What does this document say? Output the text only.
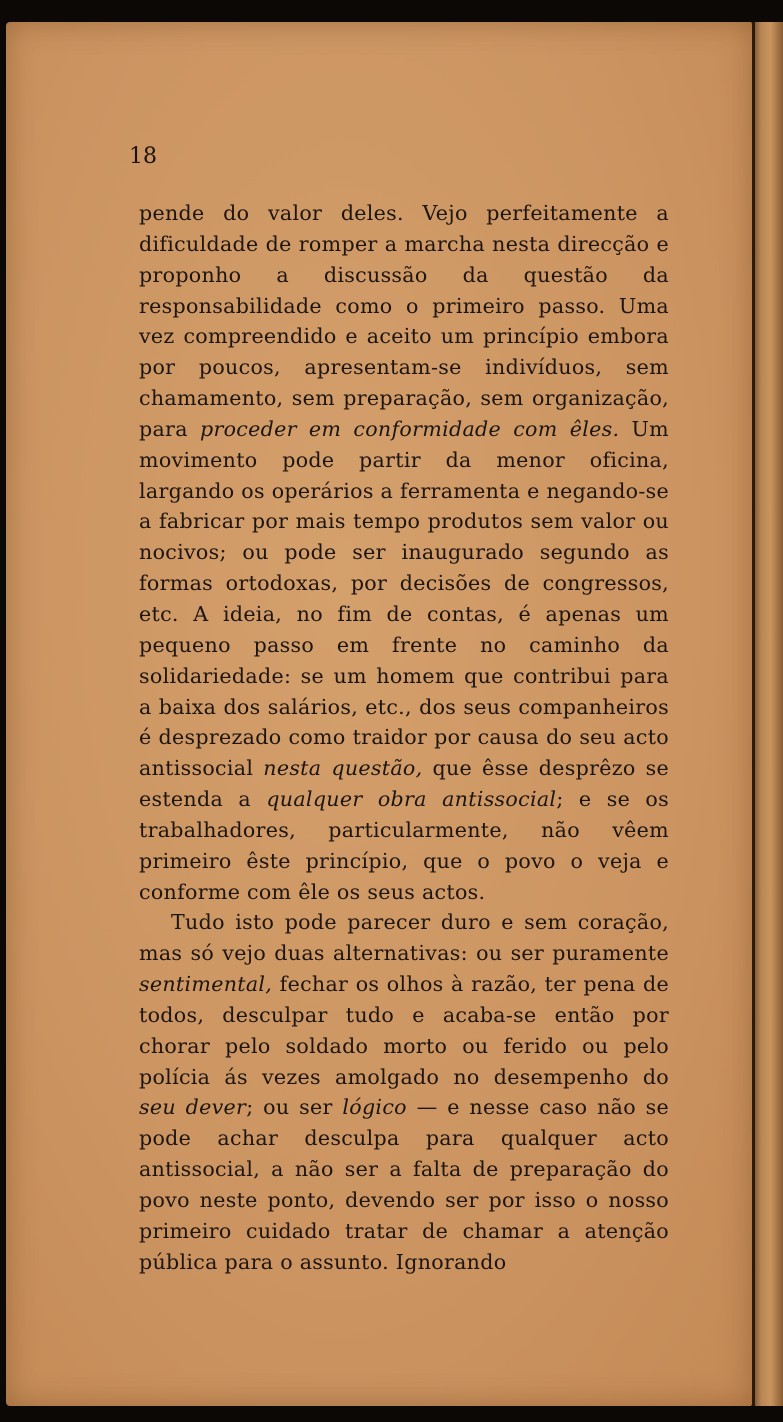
18

pende do valor deles. Vejo perfeitamente a dificuldade de romper a marcha nesta direcção e proponho a discussão da questão da responsabilidade como o primeiro passo. Uma vez compreendido e aceito um princípio embora por poucos, apresentam-se indivíduos, sem chamamento, sem preparação, sem organização, para proceder em conformidade com êles. Um movimento pode partir da menor oficina, largando os operários a ferramenta e negando-se a fabricar por mais tempo produtos sem valor ou nocivos; ou pode ser inaugurado segundo as formas ortodoxas, por decisões de congressos, etc. A ideia, no fim de contas, é apenas um pequeno passo em frente no caminho da solidariedade: se um homem que contribui para a baixa dos salários, etc., dos seus companheiros é desprezado como traidor por causa do seu acto antissocial nesta questão, que êsse desprêzo se estenda a qualquer obra antissocial; e se os trabalhadores, particularmente, não vêem primeiro êste princípio, que o povo o veja e conforme com êle os seus actos.

Tudo isto pode parecer duro e sem coração, mas só vejo duas alternativas: ou ser puramente sentimental, fechar os olhos à razão, ter pena de todos, desculpar tudo e acaba-se então por chorar pelo soldado morto ou ferido ou pelo polícia ás vezes amolgado no desempenho do seu dever; ou ser lógico — e nesse caso não se pode achar desculpa para qualquer acto antissocial, a não ser a falta de preparação do povo neste ponto, devendo ser por isso o nosso primeiro cuidado tratar de chamar a atenção pública para o assunto. Ignorando
